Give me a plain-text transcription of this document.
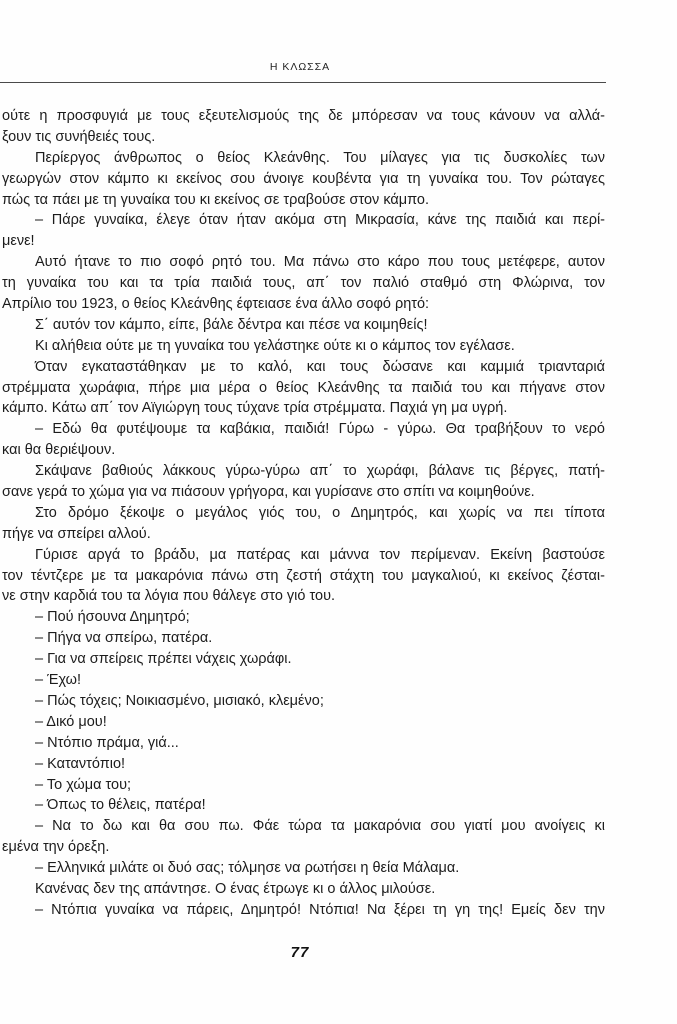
Η ΚΛΩΣΣΑ
ούτε η προσφυγιά με τους εξευτελισμούς της δε μπόρεσαν να τους κάνουν να αλλά-
ξουν τις συνήθειές τους.
Περίεργος άνθρωπος ο θείος Κλεάνθης. Του μίλαγες για τις δυσκολίες των
γεωργών στον κάμπο κι εκείνος σου άνοιγε κουβέντα για τη γυναίκα του. Τον ρώταγες
πώς τα πάει με τη γυναίκα του κι εκείνος σε τραβούσε στον κάμπο.
– Πάρε γυναίκα, έλεγε όταν ήταν ακόμα στη Μικρασία, κάνε της παιδιά και περί-
μενε!
Αυτό ήτανε το πιο σοφό ρητό του. Μα πάνω στο κάρο που τους μετέφερε, αυτον
τη γυναίκα του και τα τρία παιδιά τους, απ΄ τον παλιό σταθμό στη Φλώρινα, τον
Απρίλιο του 1923, ο θείος Κλεάνθης έφτειασε ένα άλλο σοφό ρητό:
Σ΄ αυτόν τον κάμπο, είπε, βάλε δέντρα και πέσε να κοιμηθείς!
Κι αλήθεια ούτε με τη γυναίκα του γελάστηκε ούτε κι ο κάμπος τον εγέλασε.
Όταν εγκαταστάθηκαν με το καλό, και τους δώσανε και καμμιά τριανταριά
στρέμματα χωράφια, πήρε μια μέρα ο θείος Κλεάνθης τα παιδιά του και πήγανε στον
κάμπο. Κάτω απ΄ τον Αϊγιώργη τους τύχανε τρία στρέμματα. Παχιά γη μα υγρή.
– Εδώ θα φυτέψουμε τα καβάκια, παιδιά! Γύρω - γύρω. Θα τραβήξουν το νερό
και θα θεριέψουν.
Σκάψανε βαθιούς λάκκους γύρω-γύρω απ΄ το χωράφι, βάλανε τις βέργες, πατή-
σανε γερά το χώμα για να πιάσουν γρήγορα, και γυρίσανε στο σπίτι να κοιμηθούνε.
Στο δρόμο ξέκοψε ο μεγάλος γιός του, ο Δημητρός, και χωρίς να πει τίποτα
πήγε να σπείρει αλλού.
Γύρισε αργά το βράδυ, μα πατέρας και μάννα τον περίμεναν. Εκείνη βαστούσε
τον τέντζερε με τα μακαρόνια πάνω στη ζεστή στάχτη του μαγκαλιού, κι εκείνος ζέσται-
νε στην καρδιά του τα λόγια που θάλεγε στο γιό του.
– Πού ήσουνα Δημητρό;
– Πήγα να σπείρω, πατέρα.
– Για να σπείρεις πρέπει νάχεις χωράφι.
– Έχω!
– Πώς τόχεις; Νοικιασμένο, μισιακό, κλεμένο;
– Δικό μου!
– Ντόπιο πράμα, γιά...
– Καταντόπιο!
– Το χώμα του;
– Όπως το θέλεις, πατέρα!
– Να το δω και θα σου πω. Φάε τώρα τα μακαρόνια σου γιατί μου ανοίγεις κι
εμένα την όρεξη.
– Ελληνικά μιλάτε οι δυό σας; τόλμησε να ρωτήσει η θεία Μάλαμα.
Κανένας δεν της απάντησε. Ο ένας έτρωγε κι ο άλλος μιλούσε.
– Ντόπια γυναίκα να πάρεις, Δημητρό! Ντόπια! Να ξέρει τη γη της! Εμείς δεν την
77
